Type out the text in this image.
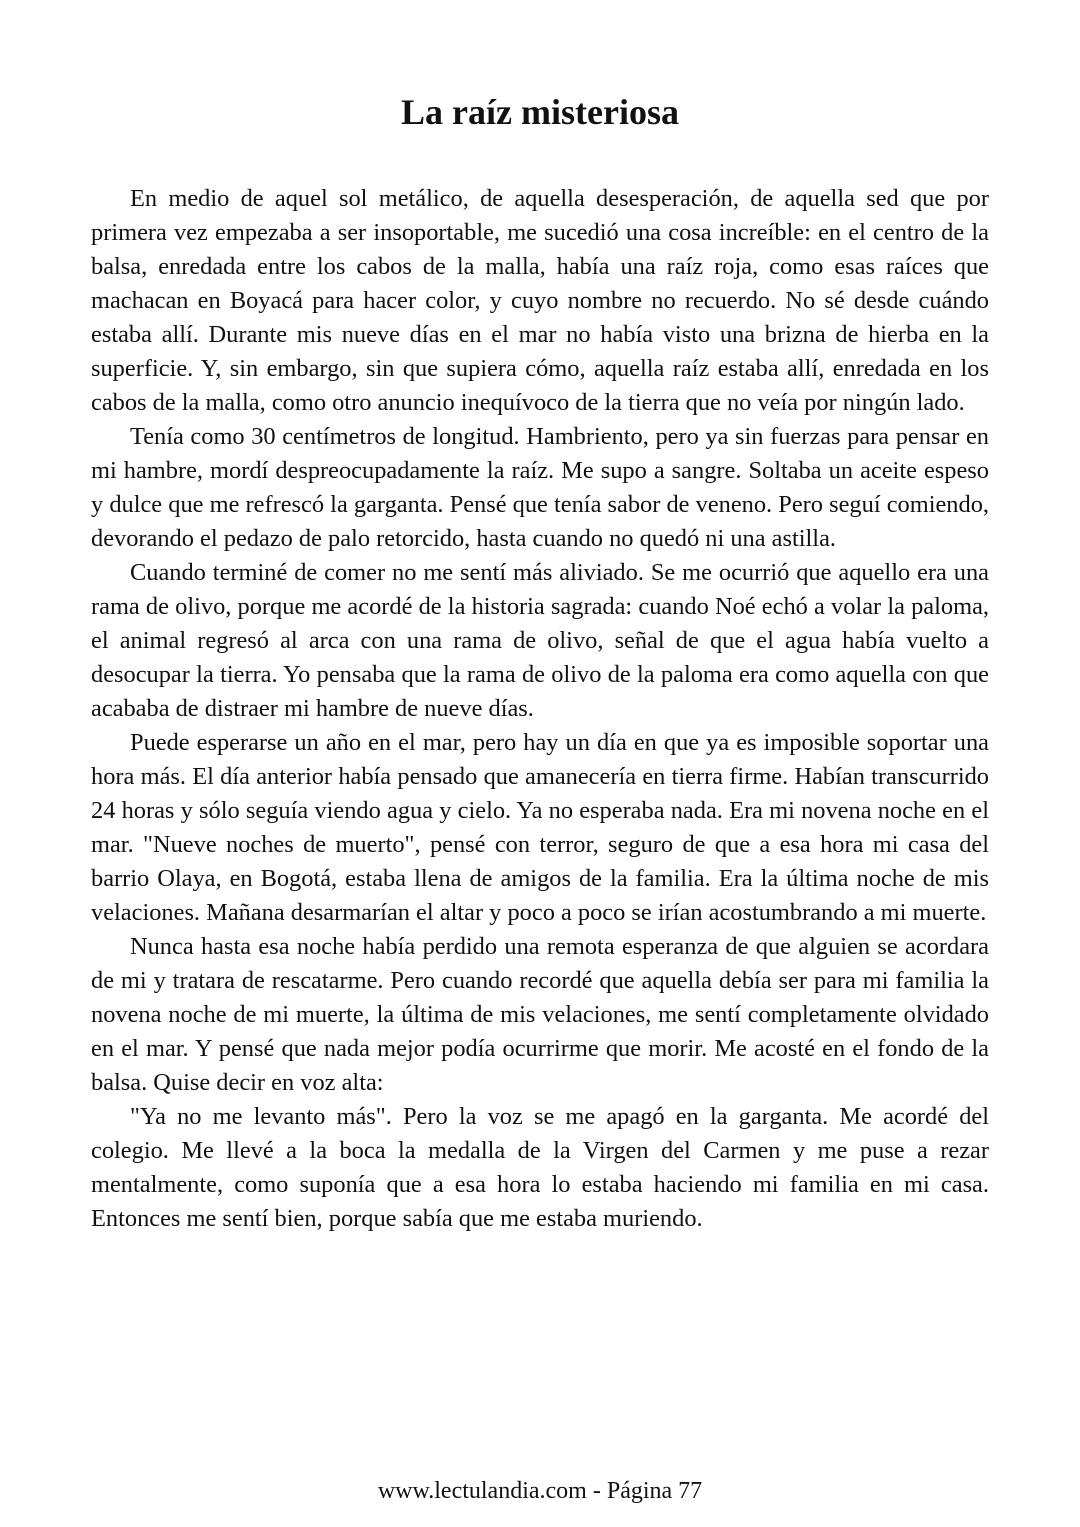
La raíz misteriosa

En medio de aquel sol metálico, de aquella desesperación, de aquella sed que por primera vez empezaba a ser insoportable, me sucedió una cosa increíble: en el centro de la balsa, enredada entre los cabos de la malla, había una raíz roja, como esas raíces que machacan en Boyacá para hacer color, y cuyo nombre no recuerdo. No sé desde cuándo estaba allí. Durante mis nueve días en el mar no había visto una brizna de hierba en la superficie. Y, sin embargo, sin que supiera cómo, aquella raíz estaba allí, enredada en los cabos de la malla, como otro anuncio inequívoco de la tierra que no veía por ningún lado.

Tenía como 30 centímetros de longitud. Hambriento, pero ya sin fuerzas para pensar en mi hambre, mordí despreocupadamente la raíz. Me supo a sangre. Soltaba un aceite espeso y dulce que me refrescó la garganta. Pensé que tenía sabor de veneno. Pero seguí comiendo, devorando el pedazo de palo retorcido, hasta cuando no quedó ni una astilla.

Cuando terminé de comer no me sentí más aliviado. Se me ocurrió que aquello era una rama de olivo, porque me acordé de la historia sagrada: cuando Noé echó a volar la paloma, el animal regresó al arca con una rama de olivo, señal de que el agua había vuelto a desocupar la tierra. Yo pensaba que la rama de olivo de la paloma era como aquella con que acababa de distraer mi hambre de nueve días.

Puede esperarse un año en el mar, pero hay un día en que ya es imposible soportar una hora más. El día anterior había pensado que amanecería en tierra firme. Habían transcurrido 24 horas y sólo seguía viendo agua y cielo. Ya no esperaba nada. Era mi novena noche en el mar. "Nueve noches de muerto", pensé con terror, seguro de que a esa hora mi casa del barrio Olaya, en Bogotá, estaba llena de amigos de la familia. Era la última noche de mis velaciones. Mañana desarmarían el altar y poco a poco se irían acostumbrando a mi muerte.

Nunca hasta esa noche había perdido una remota esperanza de que alguien se acordara de mi y tratara de rescatarme. Pero cuando recordé que aquella debía ser para mi familia la novena noche de mi muerte, la última de mis velaciones, me sentí completamente olvidado en el mar. Y pensé que nada mejor podía ocurrirme que morir. Me acosté en el fondo de la balsa. Quise decir en voz alta:

"Ya no me levanto más". Pero la voz se me apagó en la garganta. Me acordé del colegio. Me llevé a la boca la medalla de la Virgen del Carmen y me puse a rezar mentalmente, como suponía que a esa hora lo estaba haciendo mi familia en mi casa. Entonces me sentí bien, porque sabía que me estaba muriendo.

www.lectulandia.com - Página 77
